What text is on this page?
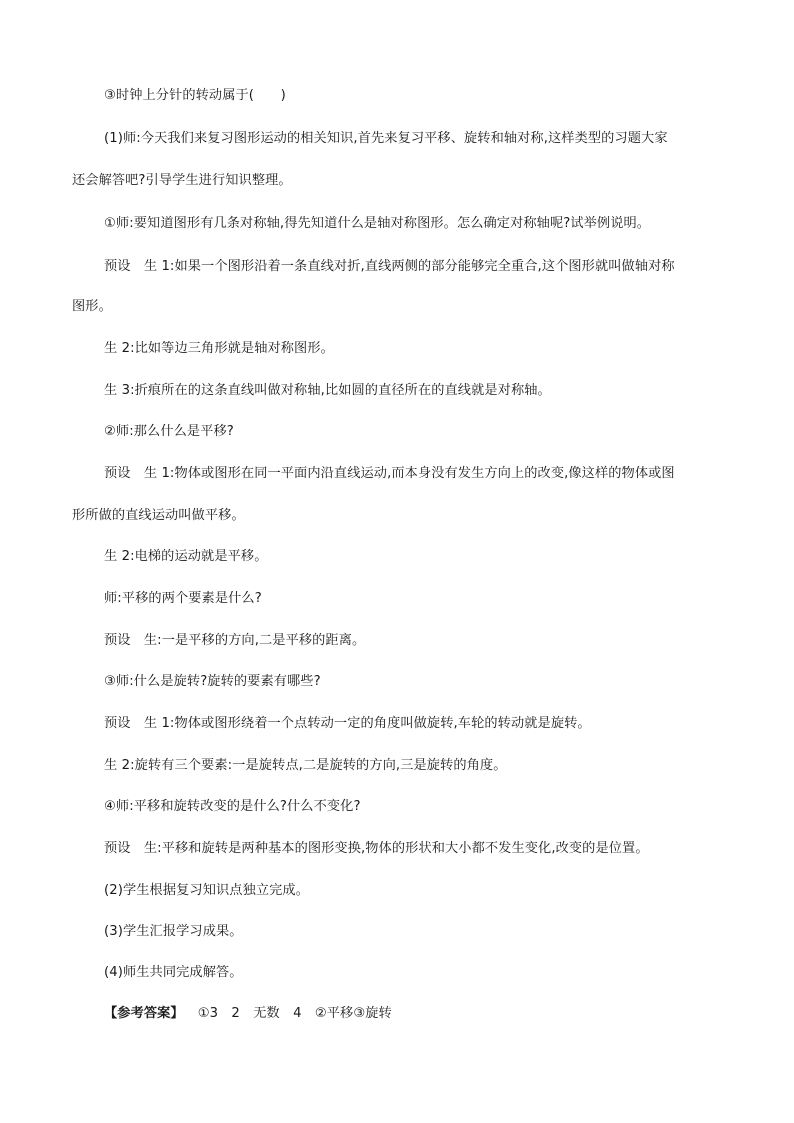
③时钟上分针的转动属于(　　)
(1)师:今天我们来复习图形运动的相关知识,首先来复习平移、旋转和轴对称,这样类型的习题大家
还会解答吧?引导学生进行知识整理。
①师:要知道图形有几条对称轴,得先知道什么是轴对称图形。怎么确定对称轴呢?试举例说明。
预设　生 1:如果一个图形沿着一条直线对折,直线两侧的部分能够完全重合,这个图形就叫做轴对称
图形。
生 2:比如等边三角形就是轴对称图形。
生 3:折痕所在的这条直线叫做对称轴,比如圆的直径所在的直线就是对称轴。
②师:那么什么是平移?
预设　生 1:物体或图形在同一平面内沿直线运动,而本身没有发生方向上的改变,像这样的物体或图
形所做的直线运动叫做平移。
生 2:电梯的运动就是平移。
师:平移的两个要素是什么?
预设　生:一是平移的方向,二是平移的距离。
③师:什么是旋转?旋转的要素有哪些?
预设　生 1:物体或图形绕着一个点转动一定的角度叫做旋转,车轮的转动就是旋转。
生 2:旋转有三个要素:一是旋转点,二是旋转的方向,三是旋转的角度。
④师:平移和旋转改变的是什么?什么不变化?
预设　生:平移和旋转是两种基本的图形变换,物体的形状和大小都不发生变化,改变的是位置。
(2)学生根据复习知识点独立完成。
(3)学生汇报学习成果。
(4)师生共同完成解答。
【参考答案】 ①3　2　无数　4　②平移③旋转
